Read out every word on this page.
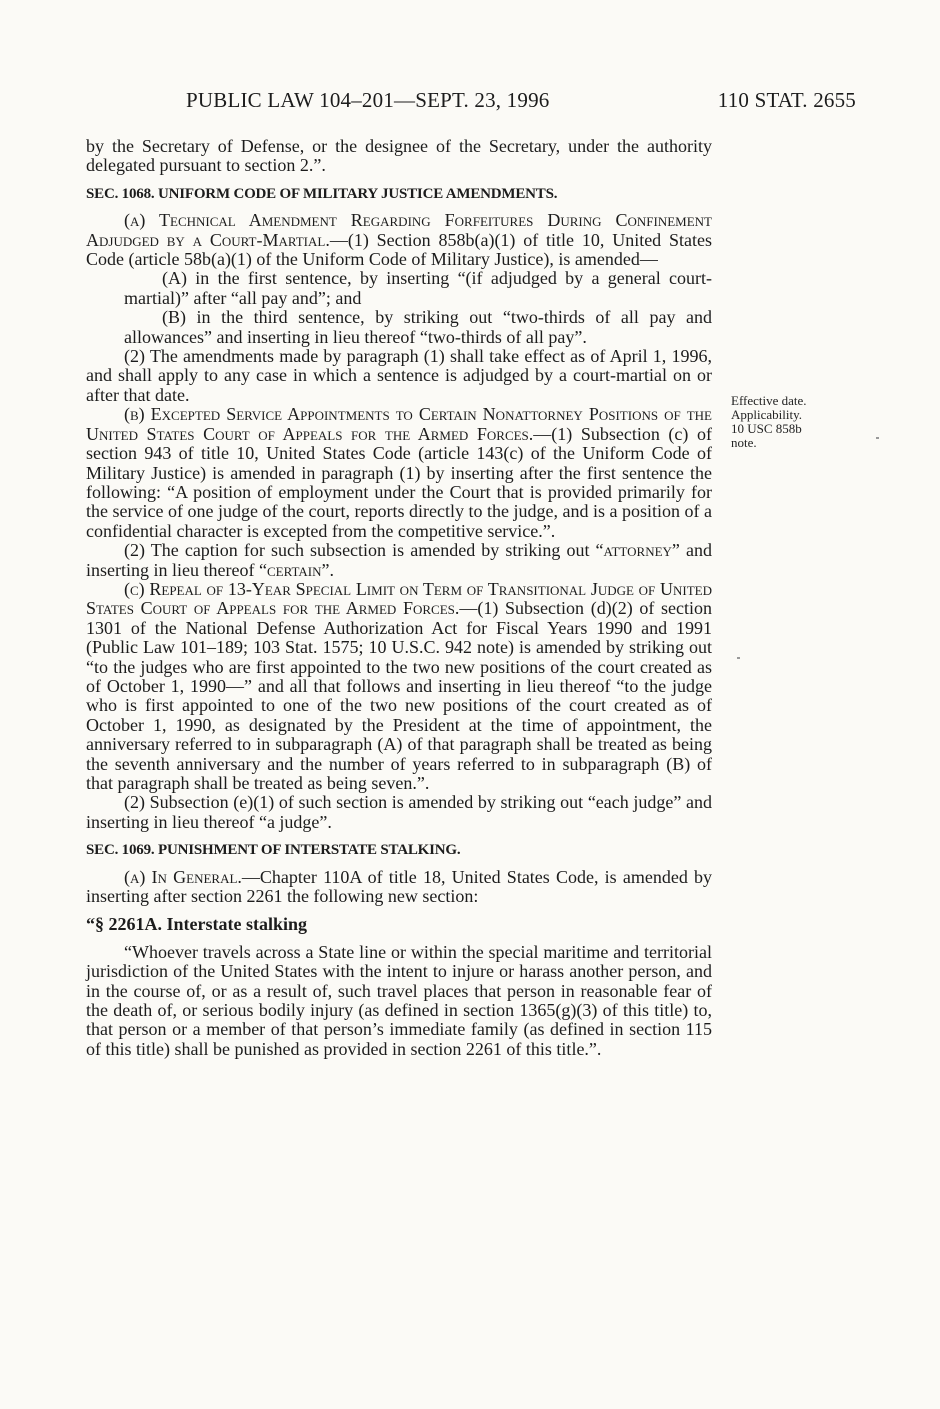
PUBLIC LAW 104–201—SEPT. 23, 1996	110 STAT. 2655

by the Secretary of Defense, or the designee of the Secretary, under the authority delegated pursuant to section 2.”.

SEC. 1068. UNIFORM CODE OF MILITARY JUSTICE AMENDMENTS.

(a) Technical Amendment Regarding Forfeitures During Confinement Adjudged by a Court-Martial.—(1) Section 858b(a)(1) of title 10, United States Code (article 58b(a)(1) of the Uniform Code of Military Justice), is amended—

(A) in the first sentence, by inserting “(if adjudged by a general court-martial)” after “all pay and”; and

(B) in the third sentence, by striking out “two-thirds of all pay and allowances” and inserting in lieu thereof “two-thirds of all pay”.

(2) The amendments made by paragraph (1) shall take effect as of April 1, 1996, and shall apply to any case in which a sentence is adjudged by a court-martial on or after that date.

(b) Excepted Service Appointments to Certain Nonattorney Positions of the United States Court of Appeals for the Armed Forces.—(1) Subsection (c) of section 943 of title 10, United States Code (article 143(c) of the Uniform Code of Military Justice) is amended in paragraph (1) by inserting after the first sentence the following: “A position of employment under the Court that is provided primarily for the service of one judge of the court, reports directly to the judge, and is a position of a confidential character is excepted from the competitive service.”.

(2) The caption for such subsection is amended by striking out “attorney” and inserting in lieu thereof “certain”.

(c) Repeal of 13-Year Special Limit on Term of Transitional Judge of United States Court of Appeals for the Armed Forces.—(1) Subsection (d)(2) of section 1301 of the National Defense Authorization Act for Fiscal Years 1990 and 1991 (Public Law 101–189; 103 Stat. 1575; 10 U.S.C. 942 note) is amended by striking out “to the judges who are first appointed to the two new positions of the court created as of October 1, 1990—” and all that follows and inserting in lieu thereof “to the judge who is first appointed to one of the two new positions of the court created as of October 1, 1990, as designated by the President at the time of appointment, the anniversary referred to in subparagraph (A) of that paragraph shall be treated as being the seventh anniversary and the number of years referred to in subparagraph (B) of that paragraph shall be treated as being seven.”.

(2) Subsection (e)(1) of such section is amended by striking out “each judge” and inserting in lieu thereof “a judge”.

SEC. 1069. PUNISHMENT OF INTERSTATE STALKING.

(a) In General.—Chapter 110A of title 18, United States Code, is amended by inserting after section 2261 the following new section:

“§ 2261A. Interstate stalking

“Whoever travels across a State line or within the special maritime and territorial jurisdiction of the United States with the intent to injure or harass another person, and in the course of, or as a result of, such travel places that person in reasonable fear of the death of, or serious bodily injury (as defined in section 1365(g)(3) of this title) to, that person or a member of that person’s immediate family (as defined in section 115 of this title) shall be punished as provided in section 2261 of this title.”.

Effective date.
Applicability.
10 USC 858b
note.
